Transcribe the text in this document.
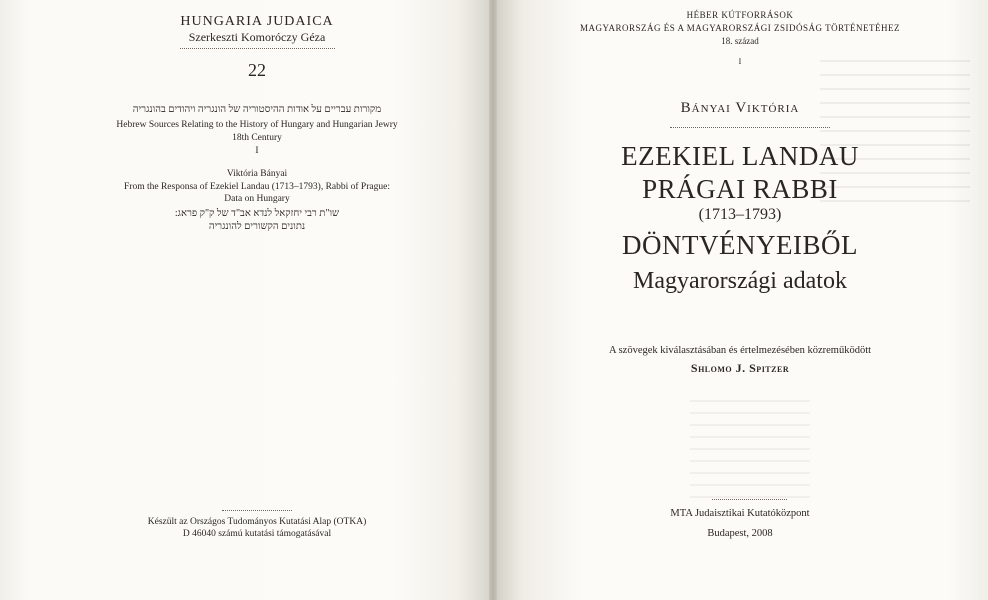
HUNGARIA JUDAICA
Szerkeszti Komoróczy Géza
22
מקורות עבריים על אודות ההיסטוריה של הונגריה ויהודים בהונגריה
Hebrew Sources Relating to the History of Hungary and Hungarian Jewry
18th Century
I
Viktória Bányai
From the Responsa of Ezekiel Landau (1713–1793), Rabbi of Prague:
Data on Hungary
שו"ת רבי יחזקאל לנדא אב"ד של ק"ק פראג:
נתונים הקשורים להונגריה
Készült az Országos Tudományos Kutatási Alap (OTKA)
D 46040 számú kutatási támogatásával
HÉBER KÚTFORRÁSOK
MAGYARORSZÁG ÉS A MAGYARORSZÁGI ZSIDÓSÁG TÖRTÉNETÉHEZ
18. század
I
Bányai Viktória
EZEKIEL LANDAU
PRÁGAI RABBI
(1713–1793)
DÖNTVÉNYEIBŐL
Magyarországi adatok
A szövegek kiválasztásában és értelmezésében közreműködött
Shlomo J. Spitzer
MTA Judaisztikai Kutatóközpont
Budapest, 2008
